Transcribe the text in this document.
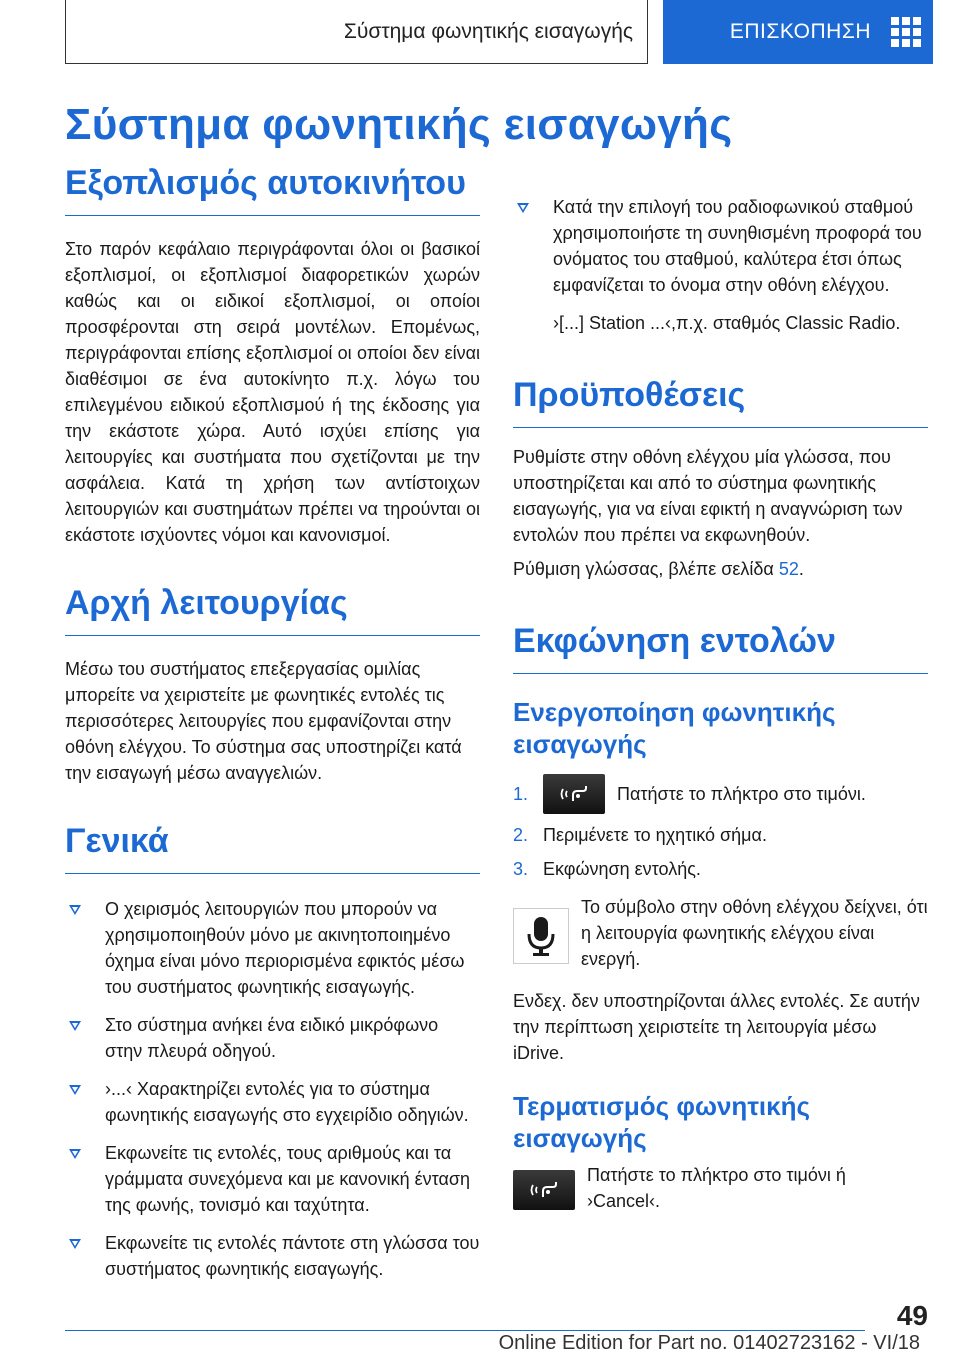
Σύστημα φωνητικής εισαγωγής	ΕΠΙΣΚΟΠΗΣΗ
Σύστημα φωνητικής εισαγωγής
Εξοπλισμός αυτοκινήτου

Στο παρόν κεφάλαιο περιγράφονται όλοι οι βασικοί εξοπλισμοί, οι εξοπλισμοί διαφορετικών χωρών καθώς και οι ειδικοί εξοπλισμοί, οι οποίοι προσφέρονται στη σειρά μοντέλων. Επομένως, περιγράφονται επίσης εξοπλισμοί οι οποίοι δεν είναι διαθέσιμοι σε ένα αυτοκίνητο π.χ. λόγω του επιλεγμένου ειδικού εξοπλισμού ή της έκδοσης για την εκάστοτε χώρα. Αυτό ισχύει επίσης για λειτουργίες και συστήματα που σχετίζονται με την ασφάλεια. Κατά τη χρήση των αντίστοιχων λειτουργιών και συστημάτων πρέπει να τηρούνται οι εκάστοτε ισχύοντες νόμοι και κανονισμοί.

Αρχή λειτουργίας

Μέσω του συστήματος επεξεργασίας ομιλίας μπορείτε να χειριστείτε με φωνητικές εντολές τις περισσότερες λειτουργίες που εμφανίζονται στην οθόνη ελέγχου. Το σύστημα σας υποστηρίζει κατά την εισαγωγή μέσω αναγγελιών.

Γενικά
Ο χειρισμός λειτουργιών που μπορούν να χρησιμοποιηθούν μόνο με ακινητοποιημένο όχημα είναι μόνο περιορισμένα εφικτός μέσω του συστήματος φωνητικής εισαγωγής.
Στο σύστημα ανήκει ένα ειδικό μικρόφωνο στην πλευρά οδηγού.
›...‹ Χαρακτηρίζει εντολές για το σύστημα φωνητικής εισαγωγής στο εγχειρίδιο οδηγιών.
Εκφωνείτε τις εντολές, τους αριθμούς και τα γράμματα συνεχόμενα και με κανονική ένταση της φωνής, τονισμό και ταχύτητα.
Εκφωνείτε τις εντολές πάντοτε στη γλώσσα του συστήματος φωνητικής εισαγωγής.
Κατά την επιλογή του ραδιοφωνικού σταθμού χρησιμοποιήστε τη συνηθισμένη προφορά του ονόματος του σταθμού, καλύτερα έτσι όπως εμφανίζεται το όνομα στην οθόνη ελέγχου.

›[...] Station ...‹,π.χ. σταθμός Classic Radio.

Προϋποθέσεις

Ρυθμίστε στην οθόνη ελέγχου μία γλώσσα, που υποστηρίζεται και από το σύστημα φωνητικής εισαγωγής, για να είναι εφικτή η αναγνώριση των εντολών που πρέπει να εκφωνηθούν.

Ρύθμιση γλώσσας, βλέπε σελίδα 52.

Εκφώνηση εντολών
Ενεργοποίηση φωνητικής εισαγωγής
1.	Πατήστε το πλήκτρο στο τιμόνι.
2. Περιμένετε το ηχητικό σήμα.
3. Εκφώνηση εντολής.

Το σύμβολο στην οθόνη ελέγχου δείχνει, ότι η λειτουργία φωνητικής ελέγχου είναι ενεργή.

Ενδεχ. δεν υποστηρίζονται άλλες εντολές. Σε αυτήν την περίπτωση χειριστείτε τη λειτουργία μέσω iDrive.

Τερματισμός φωνητικής εισαγωγής

Πατήστε το πλήκτρο στο τιμόνι ή ›Cancel‹.

49
Online Edition for Part no. 01402723162 - VI/18
